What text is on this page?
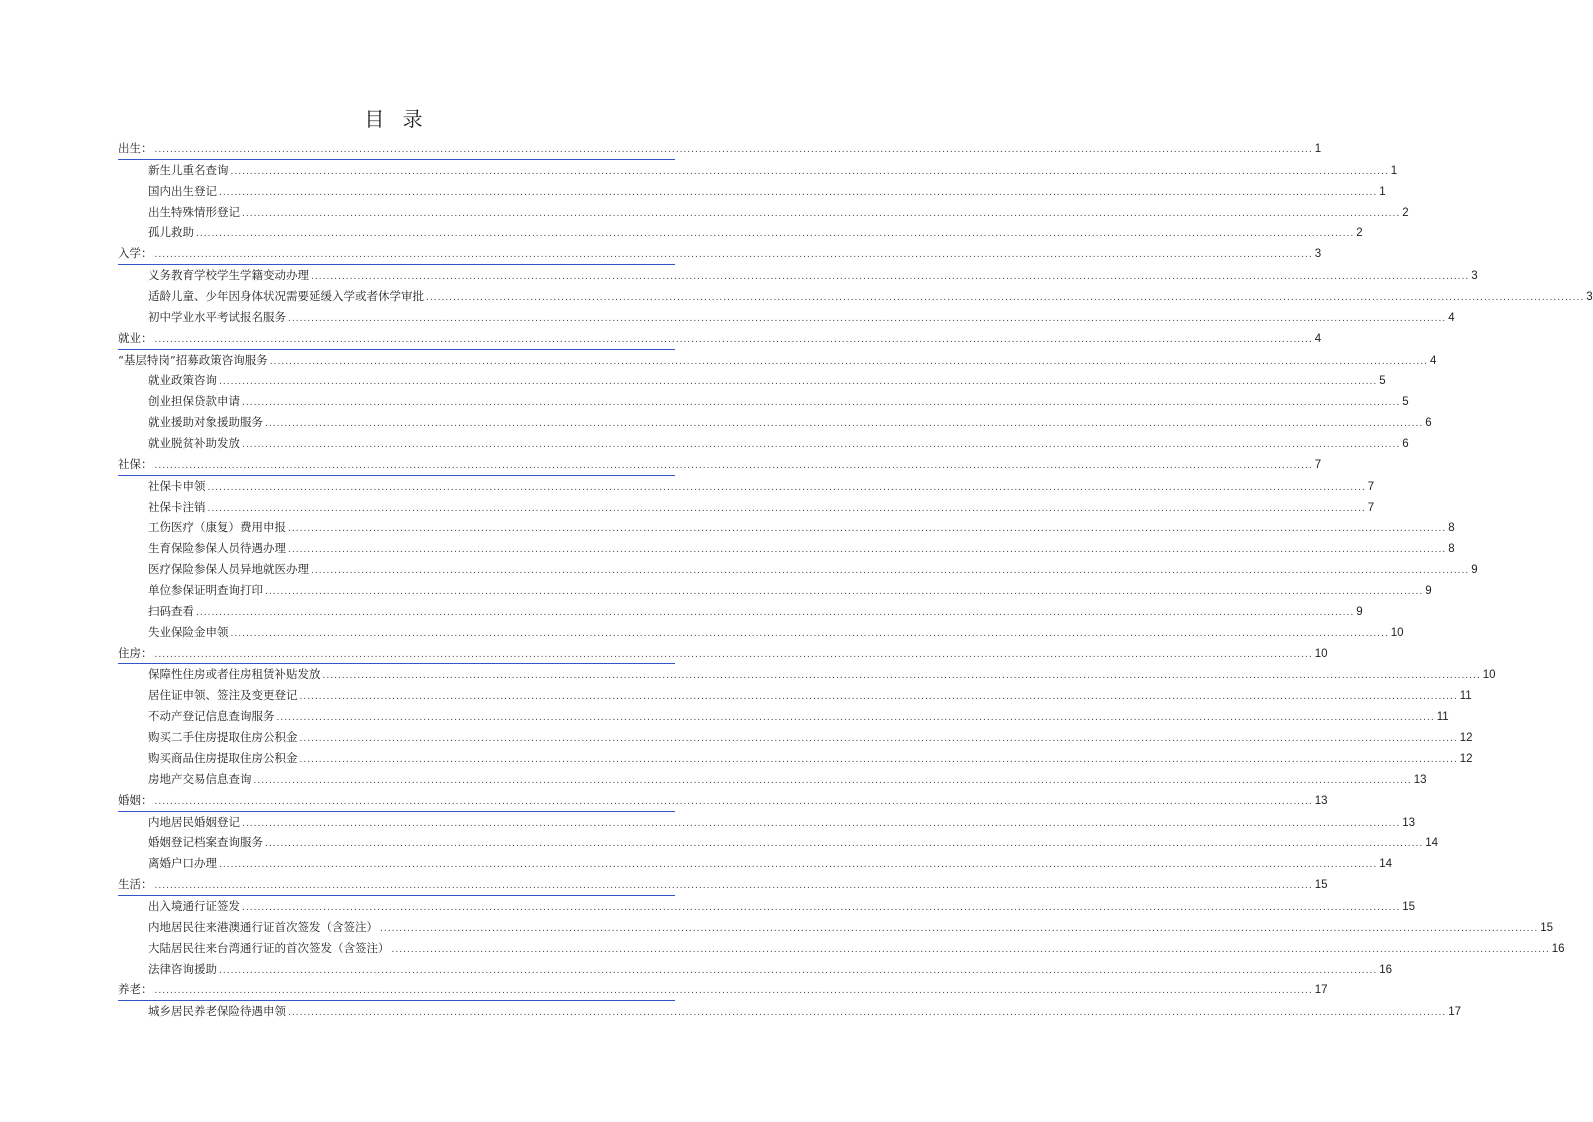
目 录
出生： ............................................................................................................................................................................................................................................................................................................ 1
新生儿重名查询 ............................................................................................................................................................................................................................................................................................................ 1
国内出生登记 ............................................................................................................................................................................................................................................................................................................ 1
出生特殊情形登记 ............................................................................................................................................................................................................................................................................................................ 2
孤儿救助 ............................................................................................................................................................................................................................................................................................................ 2
入学： ............................................................................................................................................................................................................................................................................................................ 3
义务教育学校学生学籍变动办理 ............................................................................................................................................................................................................................................................................................................ 3
适龄儿童、少年因身体状况需要延缓入学或者休学审批 ............................................................................................................................................................................................................................................................................................................ 3
初中学业水平考试报名服务 ............................................................................................................................................................................................................................................................................................................ 4
就业： ............................................................................................................................................................................................................................................................................................................ 4
“基层特岗”招募政策咨询服务 ............................................................................................................................................................................................................................................................................................................ 4
就业政策咨询 ............................................................................................................................................................................................................................................................................................................ 5
创业担保贷款申请 ............................................................................................................................................................................................................................................................................................................ 5
就业援助对象援助服务 ............................................................................................................................................................................................................................................................................................................ 6
就业脱贫补助发放 ............................................................................................................................................................................................................................................................................................................ 6
社保： ............................................................................................................................................................................................................................................................................................................ 7
社保卡申领 ............................................................................................................................................................................................................................................................................................................ 7
社保卡注销 ............................................................................................................................................................................................................................................................................................................ 7
工伤医疗（康复）费用申报 ............................................................................................................................................................................................................................................................................................................ 8
生育保险参保人员待遇办理 ............................................................................................................................................................................................................................................................................................................ 8
医疗保险参保人员异地就医办理 ............................................................................................................................................................................................................................................................................................................ 9
单位参保证明查询打印 ............................................................................................................................................................................................................................................................................................................ 9
扫码查看 ............................................................................................................................................................................................................................................................................................................ 9
失业保险金申领 ............................................................................................................................................................................................................................................................................................................ 10
住房： ............................................................................................................................................................................................................................................................................................................ 10
保障性住房或者住房租赁补贴发放 ............................................................................................................................................................................................................................................................................................................ 10
居住证申领、签注及变更登记 ............................................................................................................................................................................................................................................................................................................ 11
不动产登记信息查询服务 ............................................................................................................................................................................................................................................................................................................ 11
购买二手住房提取住房公积金 ............................................................................................................................................................................................................................................................................................................ 12
购买商品住房提取住房公积金 ............................................................................................................................................................................................................................................................................................................ 12
房地产交易信息查询 ............................................................................................................................................................................................................................................................................................................ 13
婚姻： ............................................................................................................................................................................................................................................................................................................ 13
内地居民婚姻登记 ............................................................................................................................................................................................................................................................................................................ 13
婚姻登记档案查询服务 ............................................................................................................................................................................................................................................................................................................ 14
离婚户口办理 ............................................................................................................................................................................................................................................................................................................ 14
生活： ............................................................................................................................................................................................................................................................................................................ 15
出入境通行证签发 ............................................................................................................................................................................................................................................................................................................ 15
内地居民往来港澳通行证首次签发（含签注） ............................................................................................................................................................................................................................................................................................................ 15
大陆居民往来台湾通行证的首次签发（含签注） ............................................................................................................................................................................................................................................................................................................ 16
法律咨询援助 ............................................................................................................................................................................................................................................................................................................ 16
养老： ............................................................................................................................................................................................................................................................................................................ 17
城乡居民养老保险待遇申领 ............................................................................................................................................................................................................................................................................................................ 17
